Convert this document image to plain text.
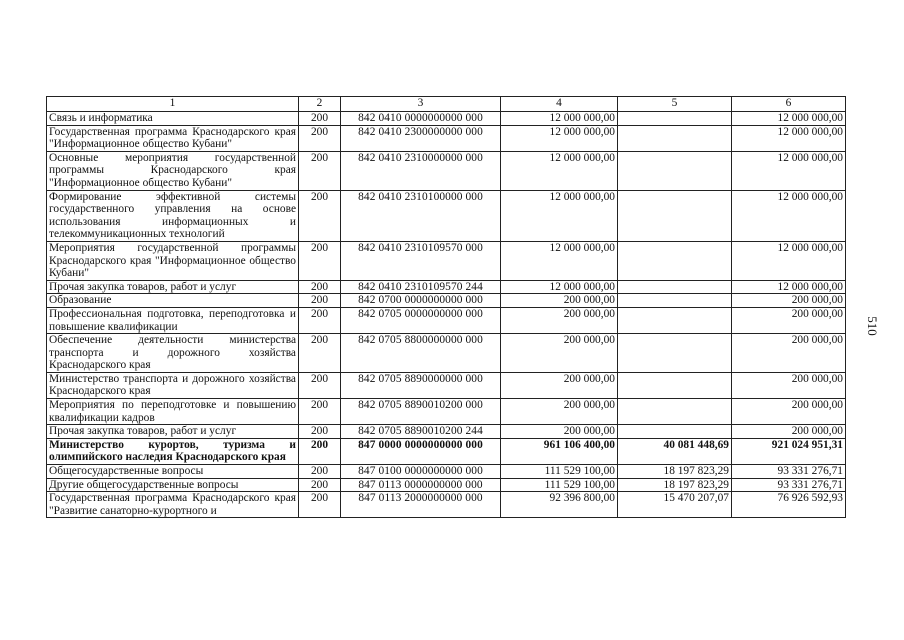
1	2	3	4	5	6
Связь и информатика	200	842 0410 0000000000 000	12 000 000,00		12 000 000,00
Государственная программа Краснодарского края "Информационное общество Кубани"	200	842 0410 2300000000 000	12 000 000,00		12 000 000,00
Основные мероприятия государственной программы Краснодарского края "Информационное общество Кубани"	200	842 0410 2310000000 000	12 000 000,00		12 000 000,00
Формирование эффективной системы государственного управления на основе использования информационных и телекоммуникационных технологий	200	842 0410 2310100000 000	12 000 000,00		12 000 000,00
Мероприятия государственной программы Краснодарского края "Информационное общество Кубани"	200	842 0410 2310109570 000	12 000 000,00		12 000 000,00
Прочая закупка товаров, работ и услуг	200	842 0410 2310109570 244	12 000 000,00		12 000 000,00
Образование	200	842 0700 0000000000 000	200 000,00		200 000,00
Профессиональная подготовка, переподготовка и повышение квалификации	200	842 0705 0000000000 000	200 000,00		200 000,00
Обеспечение деятельности министерства транспорта и дорожного хозяйства Краснодарского края	200	842 0705 8800000000 000	200 000,00		200 000,00
Министерство транспорта и дорожного хозяйства Краснодарского края	200	842 0705 8890000000 000	200 000,00		200 000,00
Мероприятия по переподготовке и повышению квалификации кадров	200	842 0705 8890010200 000	200 000,00		200 000,00
Прочая закупка товаров, работ и услуг	200	842 0705 8890010200 244	200 000,00		200 000,00
Министерство курортов, туризма и олимпийского наследия Краснодарского края	200	847 0000 0000000000 000	961 106 400,00	40 081 448,69	921 024 951,31
Общегосударственные вопросы	200	847 0100 0000000000 000	111 529 100,00	18 197 823,29	93 331 276,71
Другие общегосударственные вопросы	200	847 0113 0000000000 000	111 529 100,00	18 197 823,29	93 331 276,71
Государственная программа Краснодарского края "Развитие санаторно-курортного и	200	847 0113 2000000000 000	92 396 800,00	15 470 207,07	76 926 592,93
510
